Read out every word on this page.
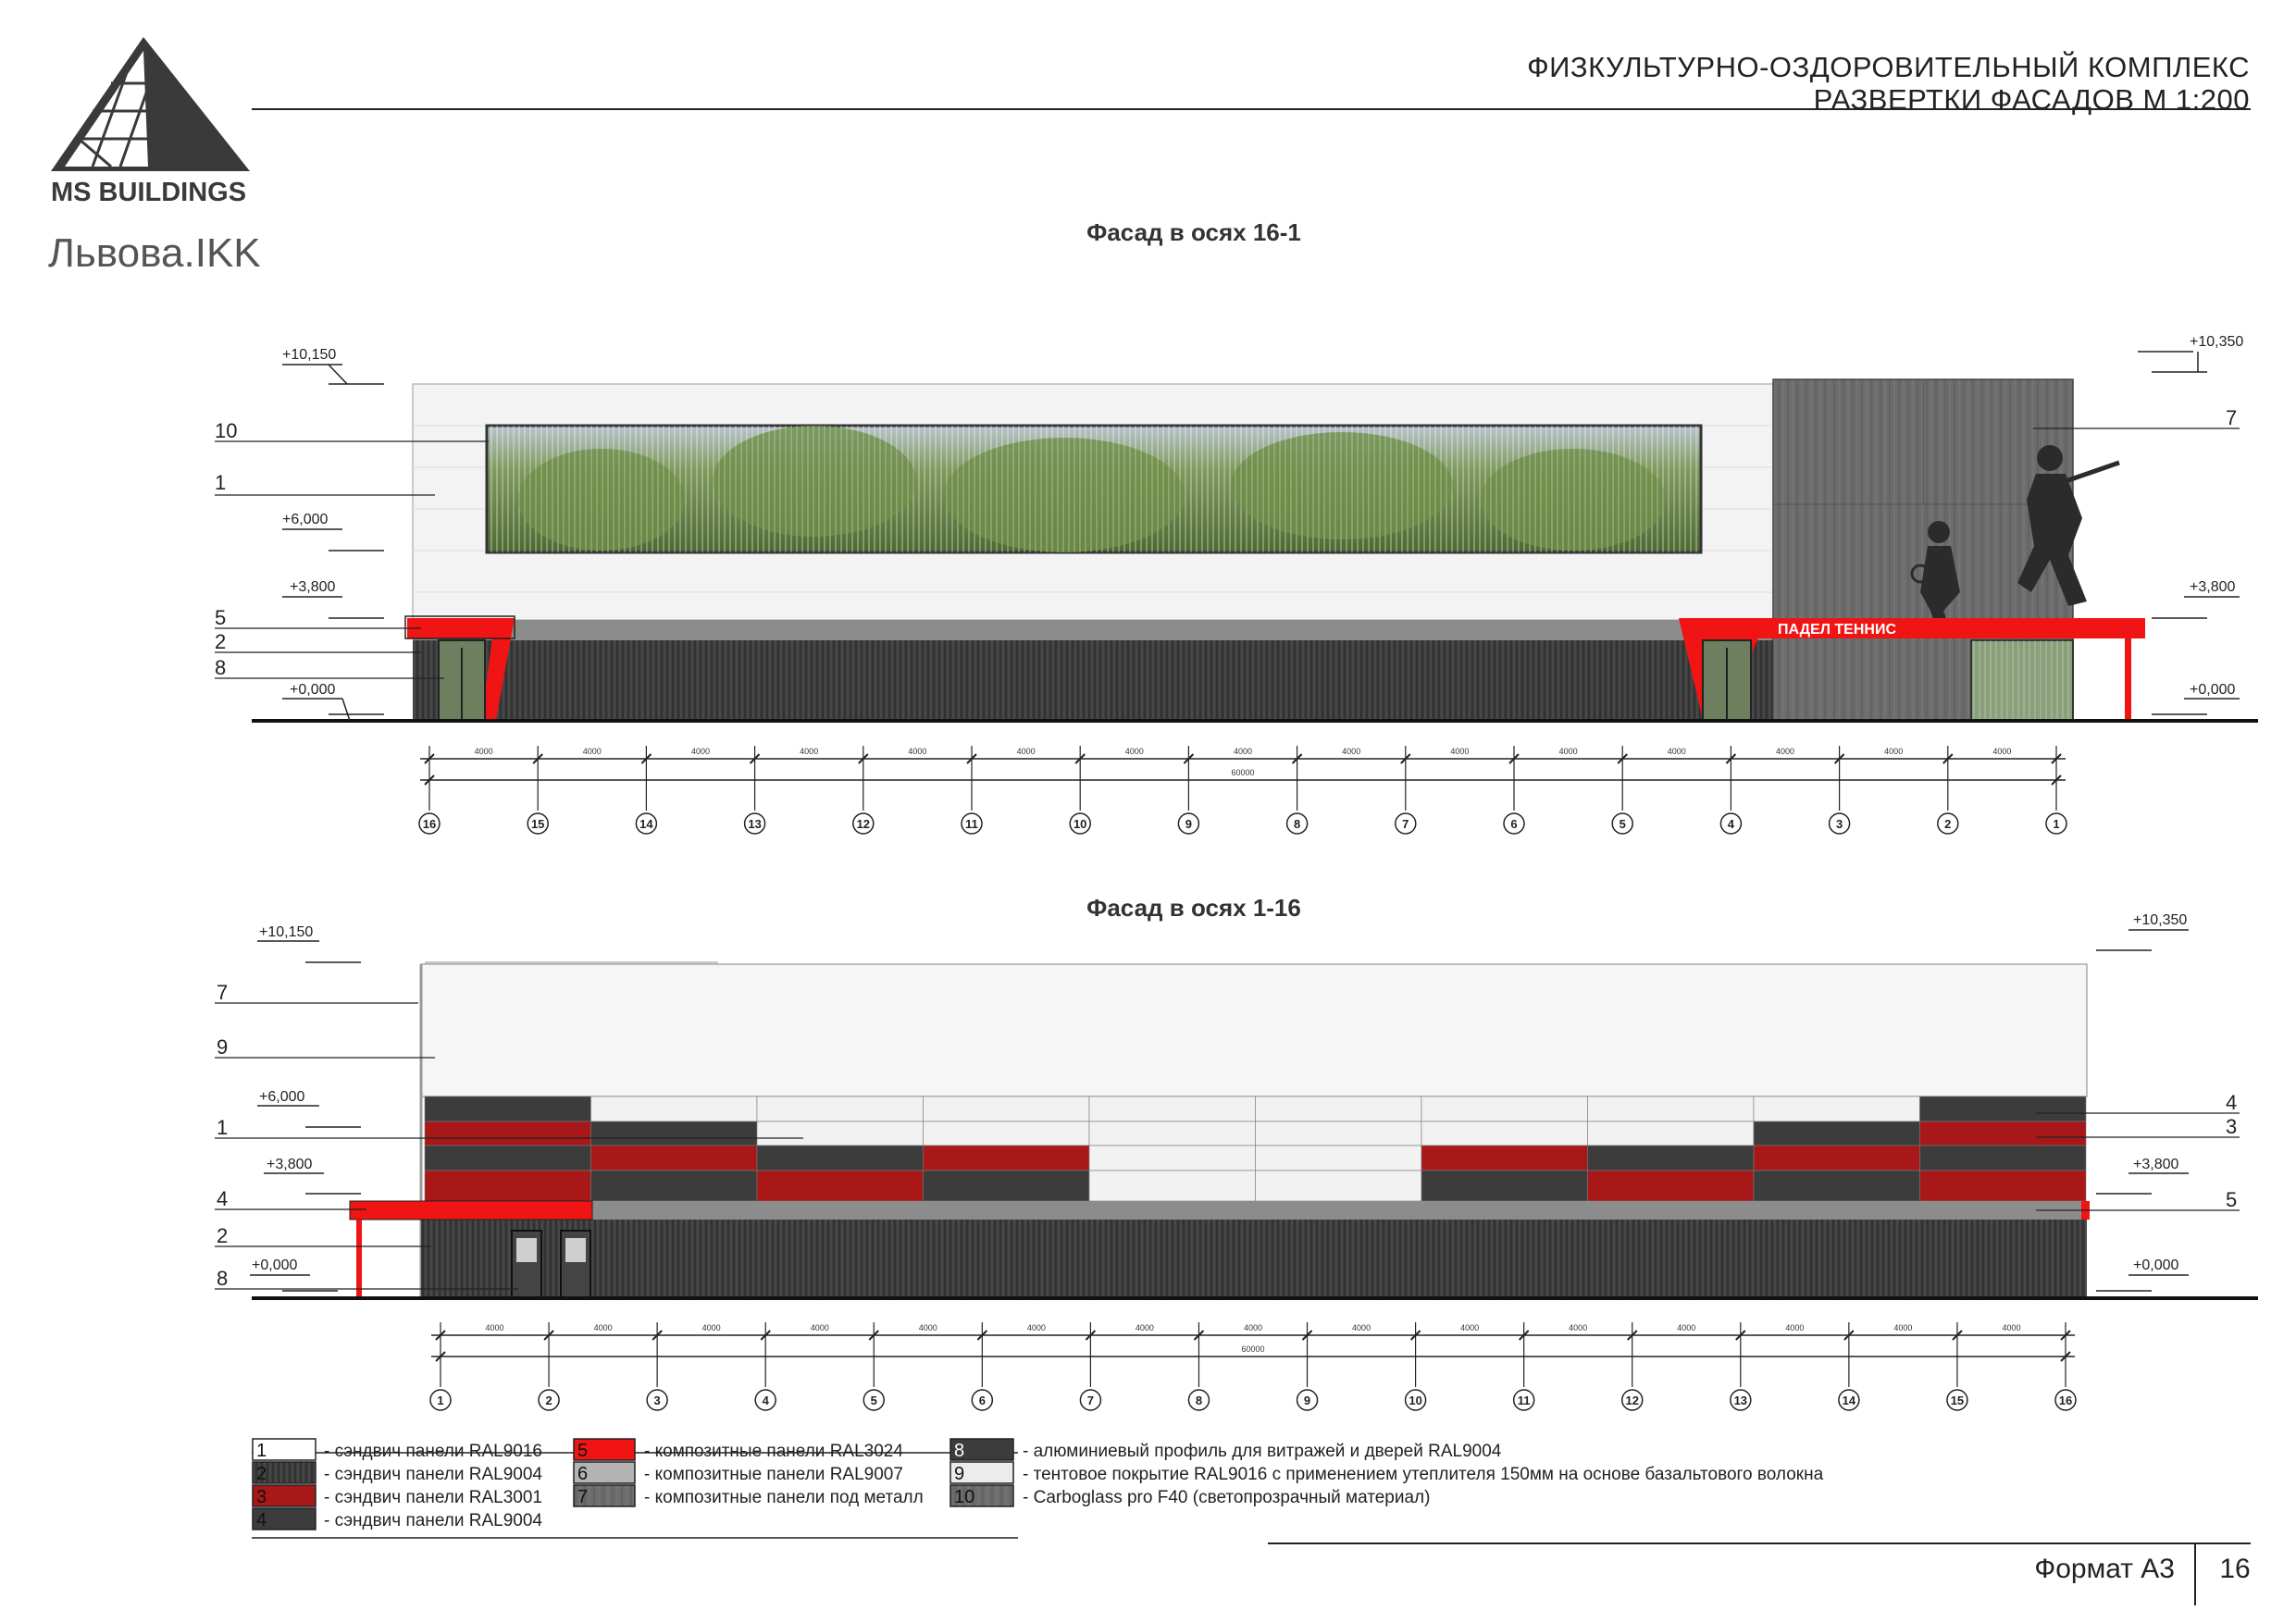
ФИЗКУЛЬТУРНО-ОЗДОРОВИТЕЛЬНЫЙ КОМПЛЕКС
РАЗВЕРТКИ ФАСАДОВ М 1:200
MS BUILDINGS
Львова.IKK	Фасад в осях 16-1
ПАДЕЛ ТЕННИС
+10,150
+6,000
+3,800
+0,000
+10,350
+3,800
+0,000
10
1
5
2
8
7
4000	4000	4000	4000	4000	4000	4000	4000	4000	4000	4000	4000	4000	4000	4000
60000
16	15	14	13	12	11	10	9	8	7	6	5	4	3	2	1
Фасад в осях 1-16
+10,150
+6,000
+3,800
+0,000
+10,350
+3,800
+0,000
7
9
1
4
2
8
4
3
5
4000	4000	4000	4000	4000	4000	4000	4000	4000	4000	4000	4000	4000	4000	4000
60000
1	2	3	4	5	6	7	8	9	10	11	12	13	14	15	16
1
2
3
4
5
6
7
8
9
10
- сэндвич панели RAL9016
- сэндвич панели RAL9004
- сэндвич панели RAL3001
- сэндвич панели RAL9004
- композитные панели RAL3024
- композитные панели RAL9007
- композитные панели под металл
- алюминиевый профиль для витражей и дверей RAL9004
- тентовое покрытие RAL9016 с применением утеплителя 150мм на основе базальтового волокна
- Carboglass pro F40 (светопрозрачный материал)
Формат А3 16
